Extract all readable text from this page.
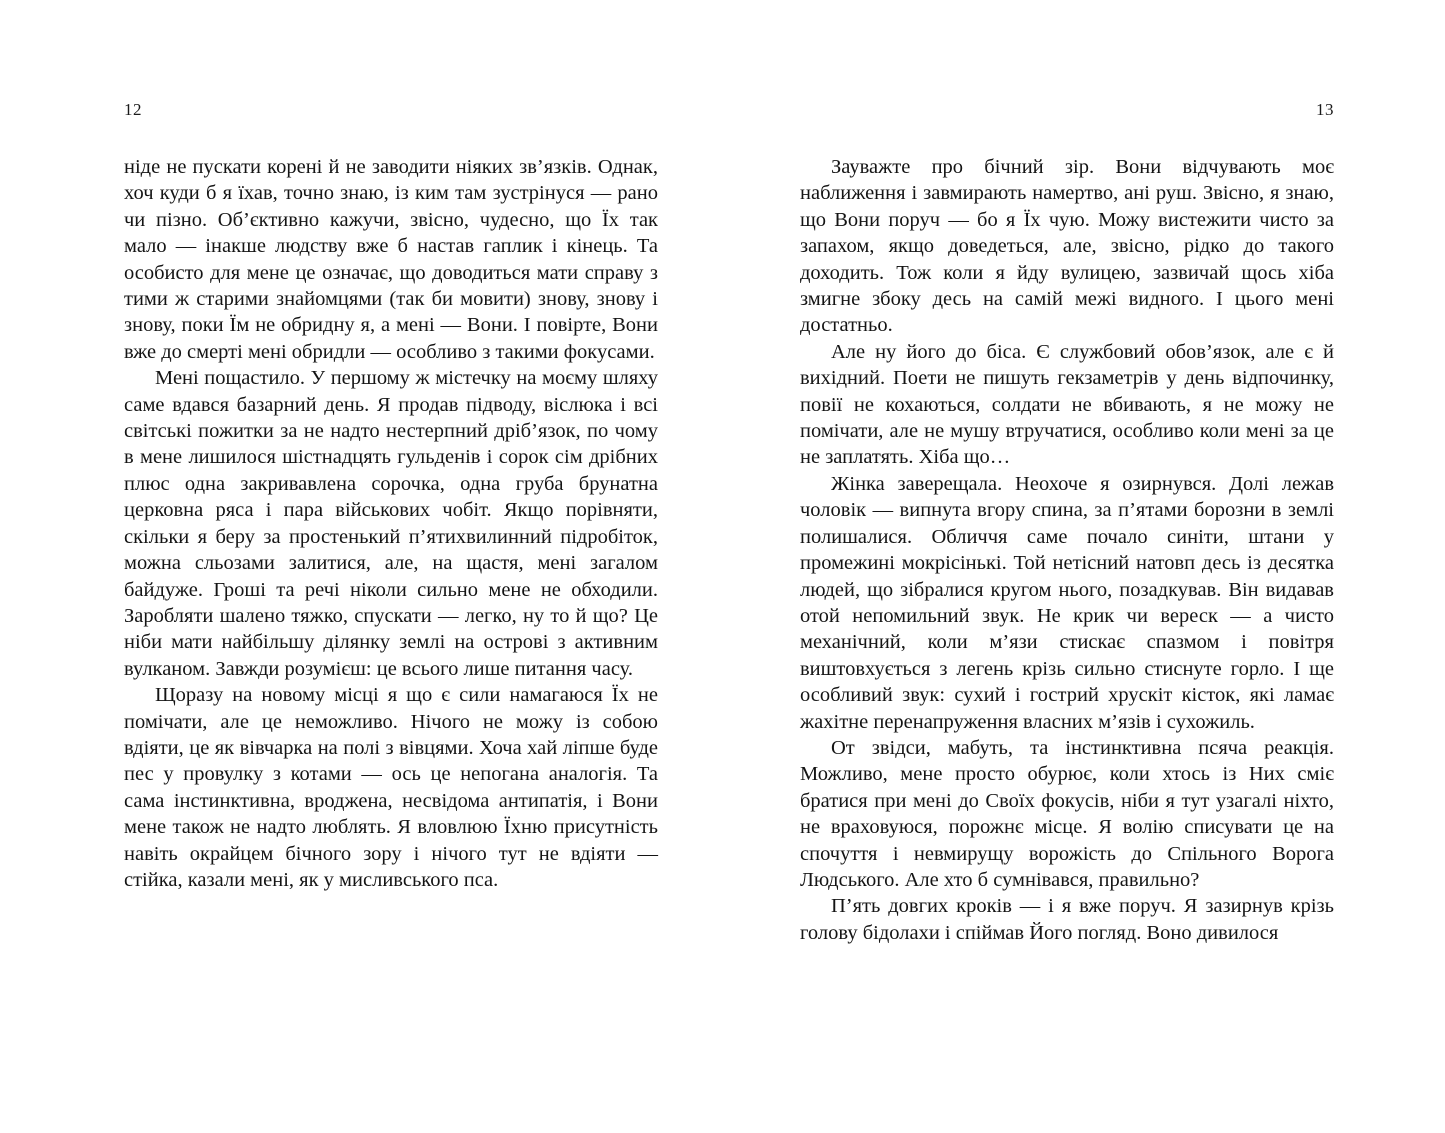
12

ніде не пускати корені й не заводити ніяких зв’язків. Однак, хоч куди б я їхав, точно знаю, із ким там зустрінуся — рано чи пізно. Об’єктивно кажучи, звісно, чудесно, що Їх так мало — інакше людству вже б настав гаплик і кінець. Та особисто для мене це означає, що доводиться мати справу з тими ж старими знайомцями (так би мовити) знову, знову і знову, поки Їм не обридну я, а мені — Вони. І повірте, Вони вже до смерті мені обридли — особливо з такими фокусами.

Мені пощастило. У першому ж містечку на моєму шляху саме вдався базарний день. Я продав підводу, віслюка і всі світські пожитки за не надто нестерпний дріб’язок, по чому в мене лишилося шістнадцять гульденів і сорок сім дрібних плюс одна закривавлена сорочка, одна груба брунатна церковна ряса і пара військових чобіт. Якщо порівняти, скільки я беру за простенький п’ятихвилинний підробіток, можна сльозами залитися, але, на щастя, мені загалом байдуже. Гроші та речі ніколи сильно мене не обходили. Заробляти шалено тяжко, спускати — легко, ну то й що? Це ніби мати найбільшу ділянку землі на острові з активним вулканом. Завжди розумієш: це всього лише питання часу.

Щоразу на новому місці я що є сили намагаюся Їх не помічати, але це неможливо. Нічого не можу із собою вдіяти, це як вівчарка на полі з вівцями. Хоча хай ліпше буде пес у провулку з котами — ось це непогана аналогія. Та сама інстинктивна, вроджена, несвідома антипатія, і Вони мене також не надто люблять. Я вловлюю Їхню присутність навіть окрайцем бічного зору і нічого тут не вдіяти — стійка, казали мені, як у мисливського пса.

13

Зауважте про бічний зір. Вони відчувають моє наближення і завмирають намертво, ані руш. Звісно, я знаю, що Вони поруч — бо я Їх чую. Можу вистежити чисто за запахом, якщо доведеться, але, звісно, рідко до такого доходить. Тож коли я йду вулицею, зазвичай щось хіба змигне збоку десь на самій межі видного. І цього мені достатньо.

Але ну його до біса. Є службовий обов’язок, але є й вихідний. Поети не пишуть гекзаметрів у день відпочинку, повії не кохаються, солдати не вбивають, я не можу не помічати, але не мушу втручатися, особливо коли мені за це не заплатять. Хіба що…

Жінка заверещала. Неохоче я озирнувся. Долі лежав чоловік — випнута вгору спина, за п’ятами борозни в землі полишалися. Обличчя саме почало синіти, штани у промежині мокрісінькі. Той нетісний натовп десь із десятка людей, що зібралися кругом нього, позадкував. Він видавав отой непомильний звук. Не крик чи вереск — а чисто механічний, коли м’язи стискає спазмом і повітря виштовхується з легень крізь сильно стиснуте горло. І ще особливий звук: сухий і гострий хрускіт кісток, які ламає жахітне перенапруження власних м’язів і сухожиль.

От звідси, мабуть, та інстинктивна псяча реакція. Можливо, мене просто обурює, коли хтось із Них сміє братися при мені до Своїх фокусів, ніби я тут узагалі ніхто, не враховуюся, порожнє місце. Я волію списувати це на спочуття і невмирущу ворожість до Спільного Ворога Людського. Але хто б сумнівався, правильно?

П’ять довгих кроків — і я вже поруч. Я зазирнув крізь голову бідолахи і спіймав Його погляд. Воно дивилося
